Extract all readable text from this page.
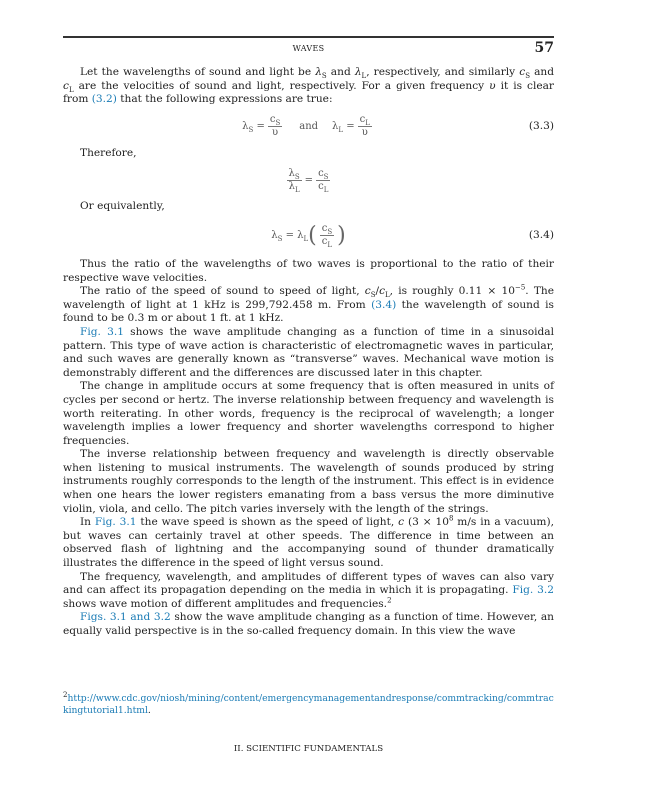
WAVES	57

Let the wavelengths of sound and light be $\lambda_S$ and $\lambda_L$, respectively, and similarly $c_S$ and $c_L$ are the velocities of sound and light, respectively. For a given frequency υ it is clear from (3.2) that the following expressions are true:

$\lambda_S = \frac{c_S}{\upsilon}$ and $\lambda_L = \frac{c_L}{\upsilon}$	(3.3)

Therefore,

$\frac{\lambda_S}{\lambda_L} = \frac{c_S}{c_L}$

Or equivalently,

$\lambda_S = \lambda_L$ ( $\frac{c_S}{c_L}$ )	(3.4)

Thus the ratio of the wavelengths of two waves is proportional to the ratio of their respective wave velocities.

The ratio of the speed of sound to speed of light, $c_S/c_L$, is roughly $0.11 \times 10^{-5}$. The wavelength of light at 1 kHz is 299,792.458 m. From (3.4) the wavelength of sound is found to be 0.3 m or about 1 ft. at 1 kHz.

Fig. 3.1 shows the wave amplitude changing as a function of time in a sinusoidal pattern. This type of wave action is characteristic of electromagnetic waves in particular, and such waves are generally known as “transverse” waves. Mechanical wave motion is demonstrably different and the differences are discussed later in this chapter.

The change in amplitude occurs at some frequency that is often measured in units of cycles per second or hertz. The inverse relationship between frequency and wavelength is worth reiterating. In other words, frequency is the reciprocal of wavelength; a longer wavelength implies a lower frequency and shorter wavelengths correspond to higher frequencies.

The inverse relationship between frequency and wavelength is directly observable when listening to musical instruments. The wavelength of sounds produced by string instruments roughly corresponds to the length of the instrument. This effect is in evidence when one hears the lower registers emanating from a bass versus the more diminutive violin, viola, and cello. The pitch varies inversely with the length of the strings.

In Fig. 3.1 the wave speed is shown as the speed of light, c ($3 \times 10^8$ m/s in a vacuum), but waves can certainly travel at other speeds. The difference in time between an observed flash of lightning and the accompanying sound of thunder dramatically illustrates the difference in the speed of light versus sound.

The frequency, wavelength, and amplitudes of different types of waves can also vary and can affect its propagation depending on the media in which it is propagating. Fig. 3.2 shows wave motion of different amplitudes and frequencies.$^2$

Figs. 3.1 and 3.2 show the wave amplitude changing as a function of time. However, an equally valid perspective is in the so-called frequency domain. In this view the wave

$^2$http://www.cdc.gov/niosh/mining/content/emergencymanagementandresponse/commtracking/commtrackingtutorial1.html.
II. SCIENTIFIC FUNDAMENTALS
